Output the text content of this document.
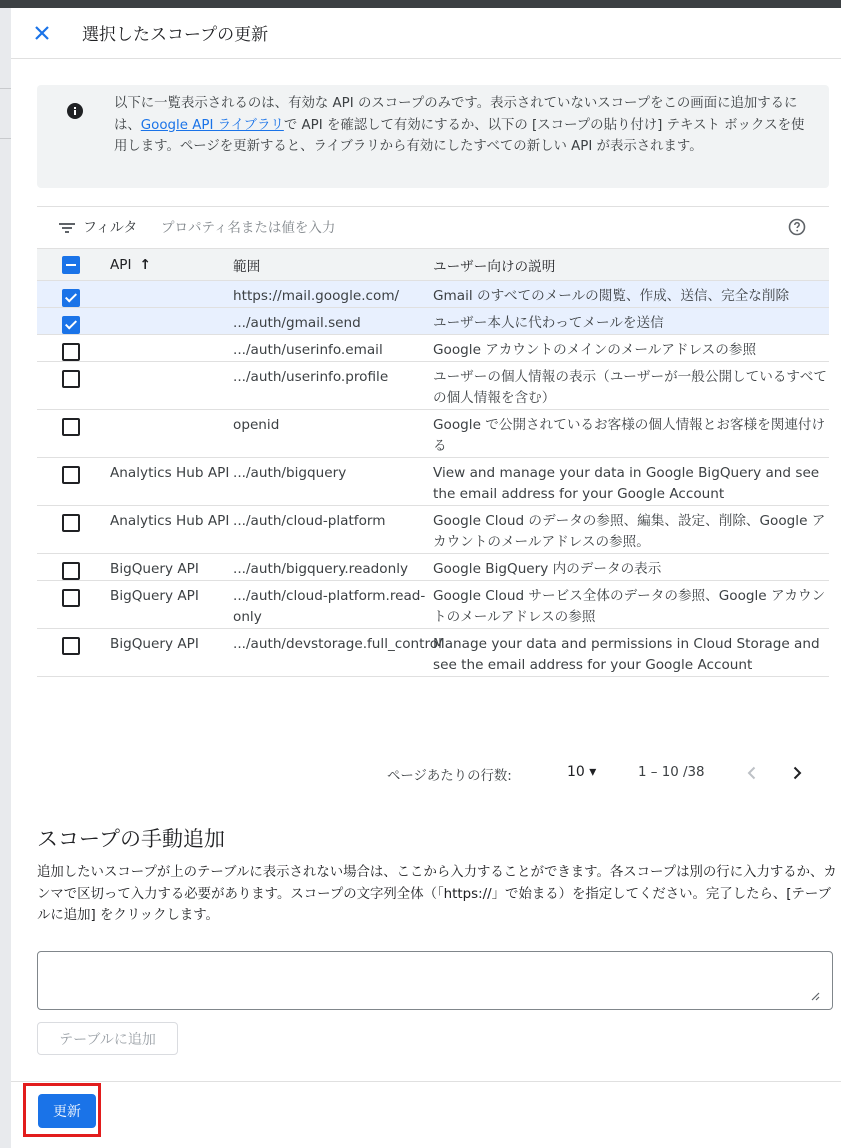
選択したスコープの更新
以下に一覧表示されるのは、有効な API のスコープのみです。表示されていないスコープをこの画面に追加するには、Google API ライブラリで API を確認して有効にするか、以下の [スコープの貼り付け] テキスト ボックスを使用します。ページを更新すると、ライブラリから有効にしたすべての新しい API が表示されます。
フィルタ
プロパティ名または値を入力
	API ↑	範囲	ユーザー向けの説明

		https://mail.google.com/	Gmail のすべてのメールの閲覧、作成、送信、完全な削除

		.../auth/gmail.send	ユーザー本人に代わってメールを送信

		.../auth/userinfo.email	Google アカウントのメインのメールアドレスの参照

		.../auth/userinfo.profile	ユーザーの個人情報の表示（ユーザーが一般公開しているすべての個人情報を含む）

		openid	Google で公開されているお客様の個人情報とお客様を関連付ける

	Analytics Hub API	.../auth/bigquery	View and manage your data in Google BigQuery and see the email address for your Google Account

	Analytics Hub API	.../auth/cloud-platform	Google Cloud のデータの参照、編集、設定、削除、Google アカウントのメールアドレスの参照。

	BigQuery API	.../auth/bigquery.readonly	Google BigQuery 内のデータの表示

	BigQuery API	.../auth/cloud-platform.read-only	Google Cloud サービス全体のデータの参照、Google アカウントのメールアドレスの参照

	BigQuery API	.../auth/devstorage.full_control	Manage your data and permissions in Cloud Storage and see the email address for your Google Account
ページあたりの行数:	10 ▾	1 – 10 /38
スコープの手動追加
追加したいスコープが上のテーブルに表示されない場合は、ここから入力することができます。各スコープは別の行に入力するか、カンマで区切って入力する必要があります。スコープの文字列全体（「https://」で始まる）を指定してください。完了したら、[テーブルに追加] をクリックします。
テーブルに追加
更新
